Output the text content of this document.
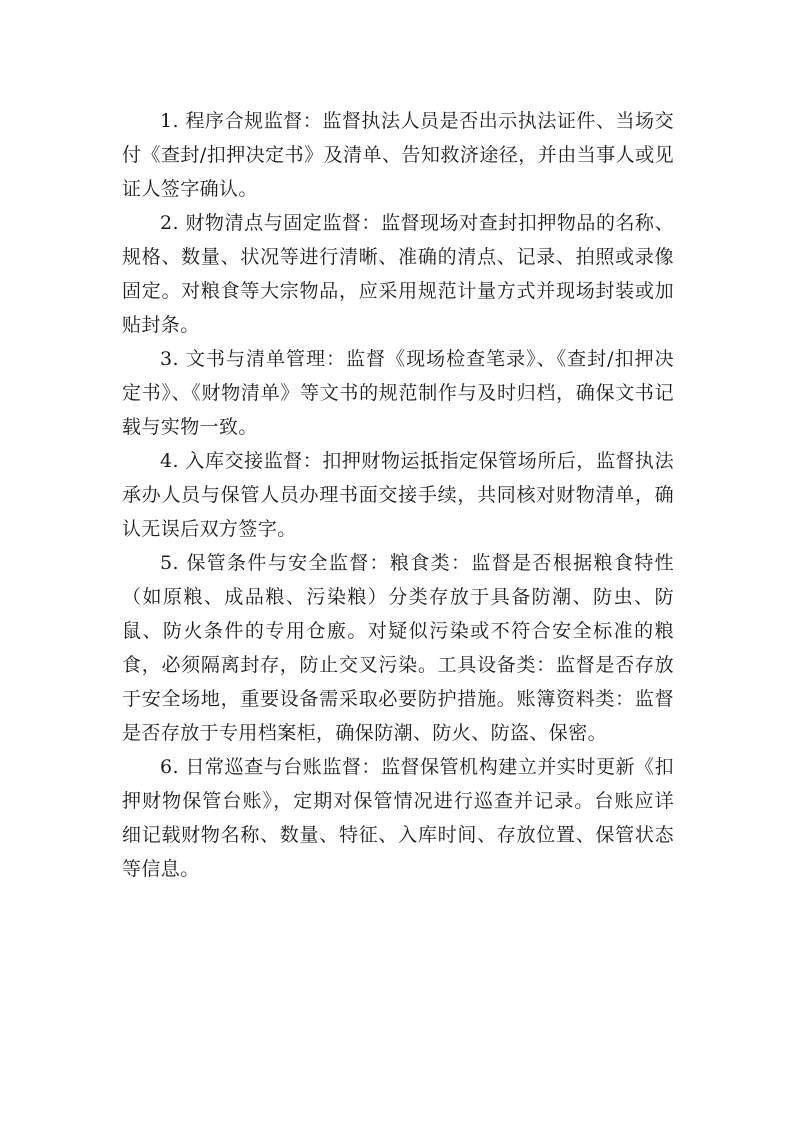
1. 程序合规监督：监督执法人员是否出示执法证件、当场交付《查封/扣押决定书》及清单、告知救济途径，并由当事人或见证人签字确认。

2. 财物清点与固定监督：监督现场对查封扣押物品的名称、规格、数量、状况等进行清晰、准确的清点、记录、拍照或录像固定。对粮食等大宗物品，应采用规范计量方式并现场封装或加贴封条。

3. 文书与清单管理：监督《现场检查笔录》、《查封/扣押决定书》、《财物清单》等文书的规范制作与及时归档，确保文书记载与实物一致。

4. 入库交接监督：扣押财物运抵指定保管场所后，监督执法承办人员与保管人员办理书面交接手续，共同核对财物清单，确认无误后双方签字。

5. 保管条件与安全监督：粮食类：监督是否根据粮食特性（如原粮、成品粮、污染粮）分类存放于具备防潮、防虫、防鼠、防火条件的专用仓廒。对疑似污染或不符合安全标准的粮食，必须隔离封存，防止交叉污染。工具设备类：监督是否存放于安全场地，重要设备需采取必要防护措施。账簿资料类：监督是否存放于专用档案柜，确保防潮、防火、防盗、保密。

6. 日常巡查与台账监督：监督保管机构建立并实时更新《扣押财物保管台账》，定期对保管情况进行巡查并记录。台账应详细记载财物名称、数量、特征、入库时间、存放位置、保管状态等信息。
